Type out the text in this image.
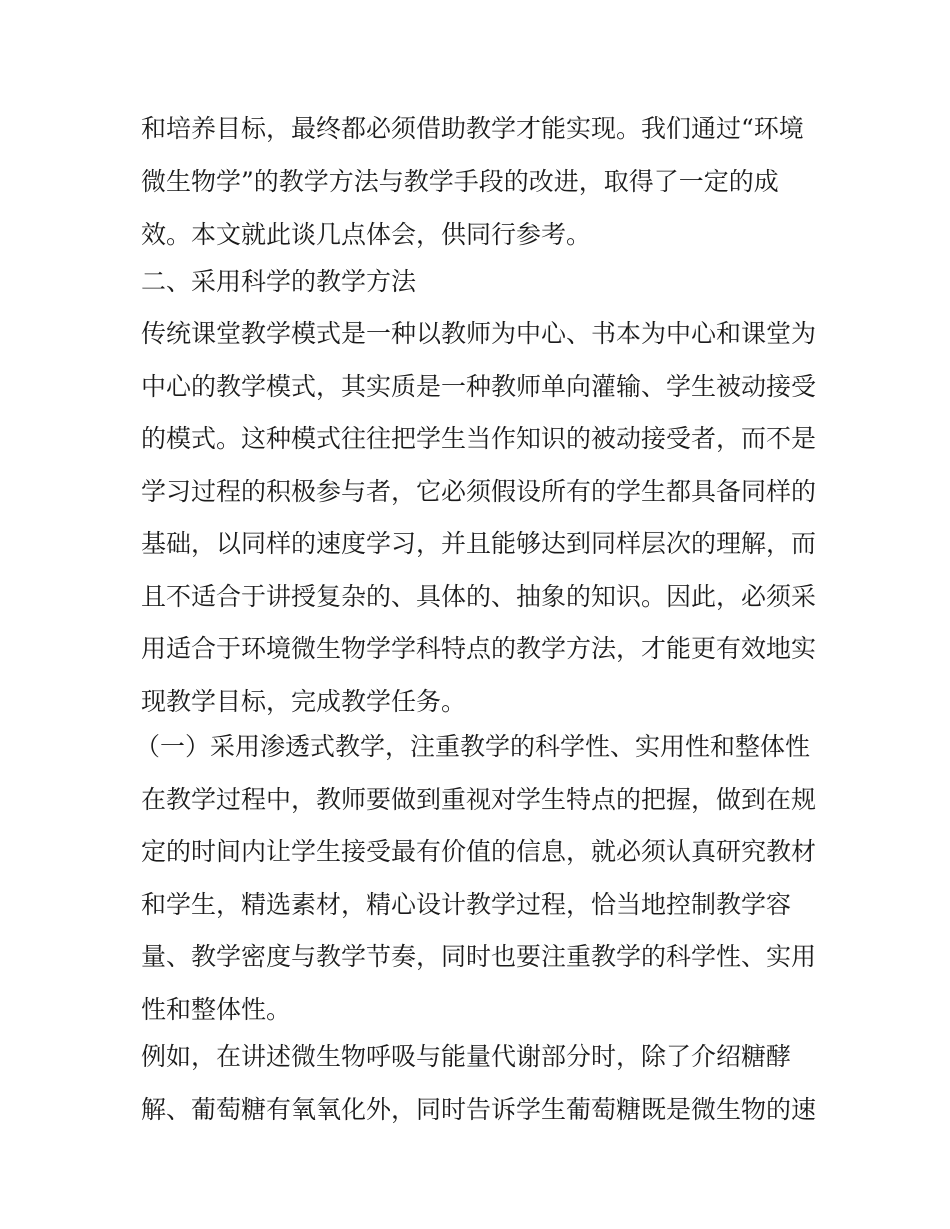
和培养目标，最终都必须借助教学才能实现。我们通过“环境
微生物学”的教学方法与教学手段的改进，取得了一定的成
效。本文就此谈几点体会，供同行参考。
二、采用科学的教学方法
传统课堂教学模式是一种以教师为中心、书本为中心和课堂为
中心的教学模式，其实质是一种教师单向灌输、学生被动接受
的模式。这种模式往往把学生当作知识的被动接受者，而不是
学习过程的积极参与者，它必须假设所有的学生都具备同样的
基础，以同样的速度学习，并且能够达到同样层次的理解，而
且不适合于讲授复杂的、具体的、抽象的知识。因此，必须采
用适合于环境微生物学学科特点的教学方法，才能更有效地实
现教学目标，完成教学任务。
（一）采用渗透式教学，注重教学的科学性、实用性和整体性
在教学过程中，教师要做到重视对学生特点的把握，做到在规
定的时间内让学生接受最有价值的信息，就必须认真研究教材
和学生，精选素材，精心设计教学过程，恰当地控制教学容
量、教学密度与教学节奏，同时也要注重教学的科学性、实用
性和整体性。
例如，在讲述微生物呼吸与能量代谢部分时，除了介绍糖酵
解、葡萄糖有氧氧化外，同时告诉学生葡萄糖既是微生物的速
